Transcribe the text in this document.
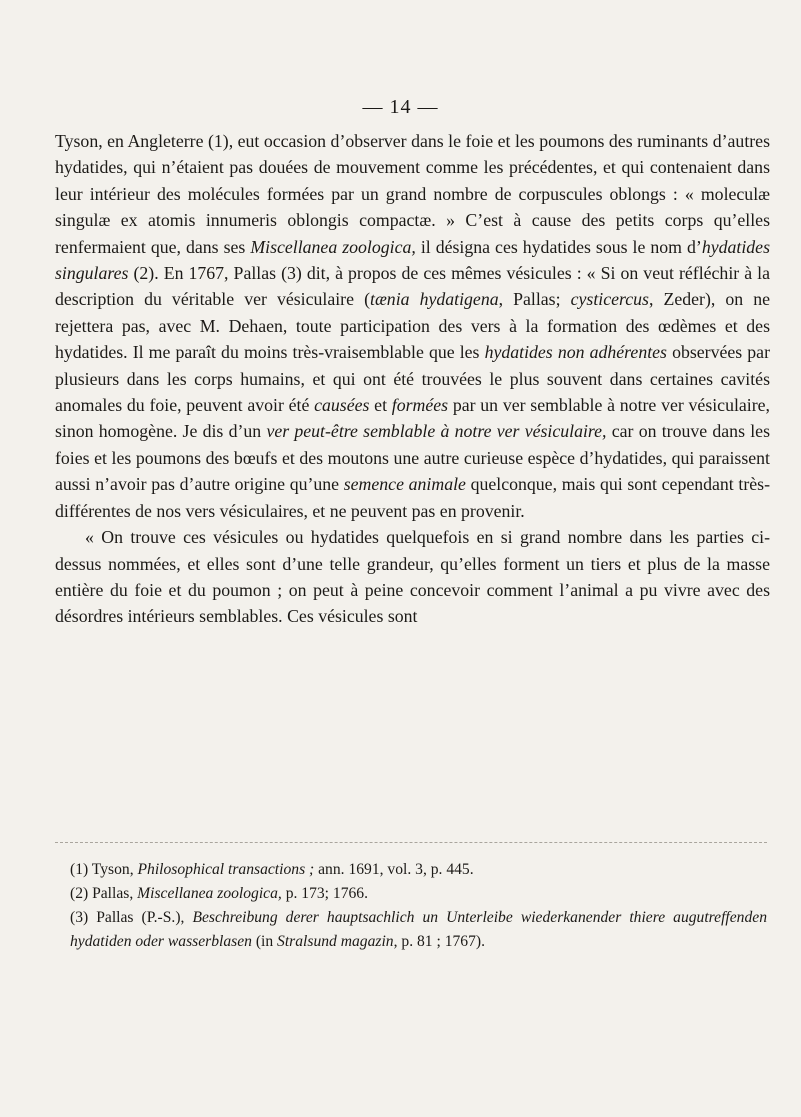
— 14 —

Tyson, en Angleterre (1), eut occasion d’observer dans le foie et les poumons des ruminants d’autres hydatides, qui n’étaient pas douées de mouvement comme les précédentes, et qui contenaient dans leur intérieur des molécules formées par un grand nombre de corpuscules oblongs : « moleculæ singulæ ex atomis innumeris oblongis compactæ. » C’est à cause des petits corps qu’elles renfermaient que, dans ses Miscellanea zoologica, il désigna ces hydatides sous le nom d’hydatides singulares (2). En 1767, Pallas (3) dit, à propos de ces mêmes vésicules : « Si on veut réfléchir à la description du véritable ver vésiculaire (tænia hydatigena, Pallas; cysticercus, Zeder), on ne rejettera pas, avec M. Dehaen, toute participation des vers à la formation des œdèmes et des hydatides. Il me paraît du moins très-vraisemblable que les hydatides non adhérentes observées par plusieurs dans les corps humains, et qui ont été trouvées le plus souvent dans certaines cavités anomales du foie, peuvent avoir été causées et formées par un ver semblable à notre ver vésiculaire, sinon homogène. Je dis d’un ver peut-être semblable à notre ver vésiculaire, car on trouve dans les foies et les poumons des bœufs et des moutons une autre curieuse espèce d’hydatides, qui paraissent aussi n’avoir pas d’autre origine qu’une semence animale quelconque, mais qui sont cependant très-différentes de nos vers vésiculaires, et ne peuvent pas en provenir.

« On trouve ces vésicules ou hydatides quelquefois en si grand nombre dans les parties ci-dessus nommées, et elles sont d’une telle grandeur, qu’elles forment un tiers et plus de la masse entière du foie et du poumon ; on peut à peine concevoir comment l’animal a pu vivre avec des désordres intérieurs semblables. Ces vésicules sont

(1) Tyson, Philosophical transactions ; ann. 1691, vol. 3, p. 445.

(2) Pallas, Miscellanea zoologica, p. 173; 1766.

(3) Pallas (P.-S.), Beschreibung derer hauptsachlich un Unterleibe wiederkanender thiere augutreffenden hydatiden oder wasserblasen (in Stralsund magazin, p. 81 ; 1767).
